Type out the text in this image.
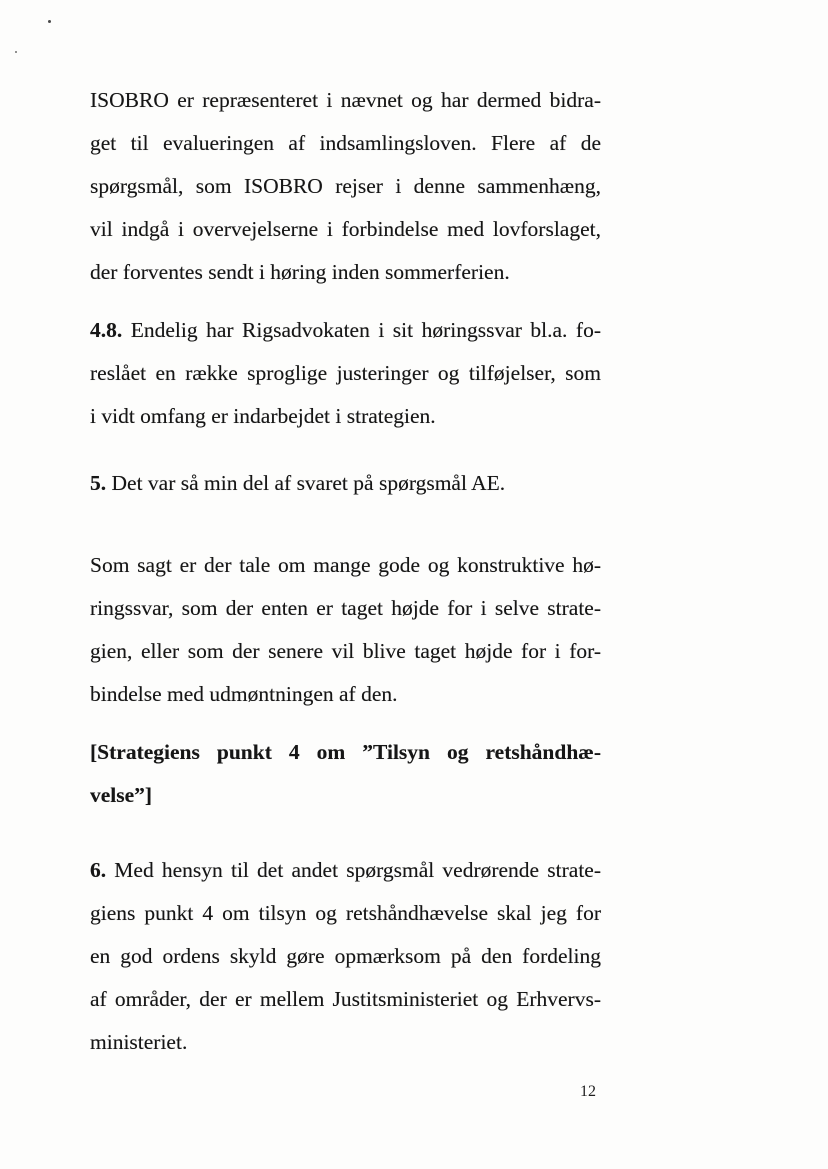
ISOBRO er repræsenteret i nævnet og har dermed bidra-
get til evalueringen af indsamlingsloven. Flere af de
spørgsmål, som ISOBRO rejser i denne sammenhæng,
vil indgå i overvejelserne i forbindelse med lovforslaget,
der forventes sendt i høring inden sommerferien.
4.8. Endelig har Rigsadvokaten i sit høringssvar bl.a. fo-
reslået en række sproglige justeringer og tilføjelser, som
i vidt omfang er indarbejdet i strategien.
5. Det var så min del af svaret på spørgsmål AE.
Som sagt er der tale om mange gode og konstruktive hø-
ringssvar, som der enten er taget højde for i selve strate-
gien, eller som der senere vil blive taget højde for i for-
bindelse med udmøntningen af den.
[Strategiens punkt 4 om ”Tilsyn og retshåndhæ-
velse”]
6. Med hensyn til det andet spørgsmål vedrørende strate-
giens punkt 4 om tilsyn og retshåndhævelse skal jeg for
en god ordens skyld gøre opmærksom på den fordeling
af områder, der er mellem Justitsministeriet og Erhvervs-
ministeriet.
12
